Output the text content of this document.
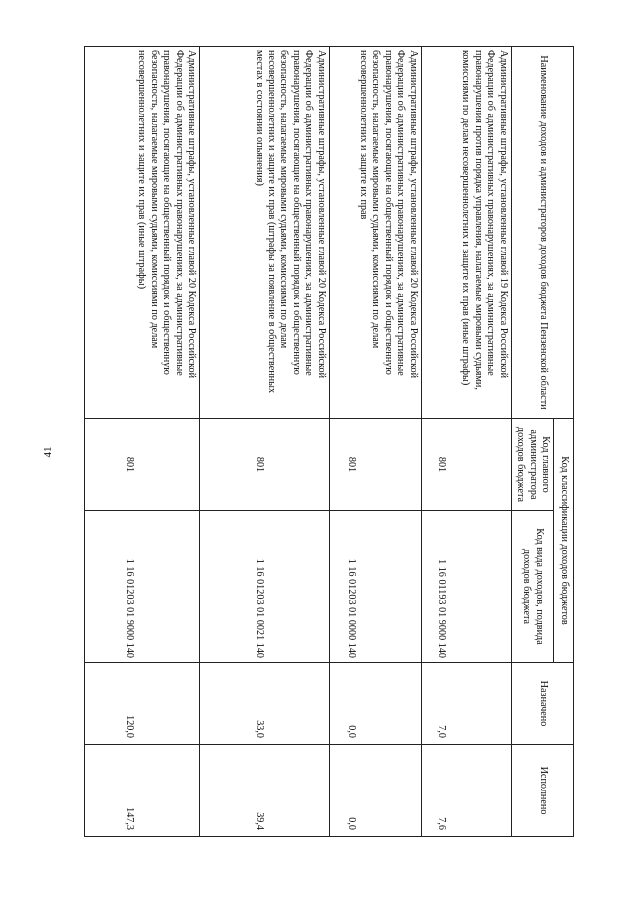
41
Наименование доходов и администраторов доходов бюджета Пензенской области	Код классификации доходов бюджетов		Назначено	Исполнено
	Код главного администратора доходов бюджета	Код вида доходов, подвида доходов бюджета		
Административные штрафы, установленные главой 19 Кодекса Российской Федерации об административных правонарушениях, за административные правонарушения против порядка управления, налагаемые мировыми судьями, комиссиями по делам несовершеннолетних и защите их прав (иные штрафы)	801	1 16 01193 01 9000 140	7,0	7,6
Административные штрафы, установленные главой 20 Кодекса Российской Федерации об административных правонарушениях, за административные правонарушения, посягающие на общественный порядок и общественную безопасность, налагаемые мировыми судьями, комиссиями по делам несовершеннолетних и защите их прав	801	1 16 01203 01 0000 140	0,0	0,0
Административные штрафы, установленные главой 20 Кодекса Российской Федерации об административных правонарушениях, за административные правонарушения, посягающие на общественный порядок и общественную безопасность, налагаемые мировыми судьями, комиссиями по делам несовершеннолетних и защите их прав (штрафы за появление в общественных местах в состоянии опьянения)	801	1 16 01203 01 0021 140	33,0	39,4
Административные штрафы, установленные главой 20 Кодекса Российской Федерации об административных правонарушениях, за административные правонарушения, посягающие на общественный порядок и общественную безопасность, налагаемые мировыми судьями, комиссиями по делам несовершеннолетних и защите их прав (иные штрафы)	801	1 16 01203 01 9000 140	120,0	147,3
